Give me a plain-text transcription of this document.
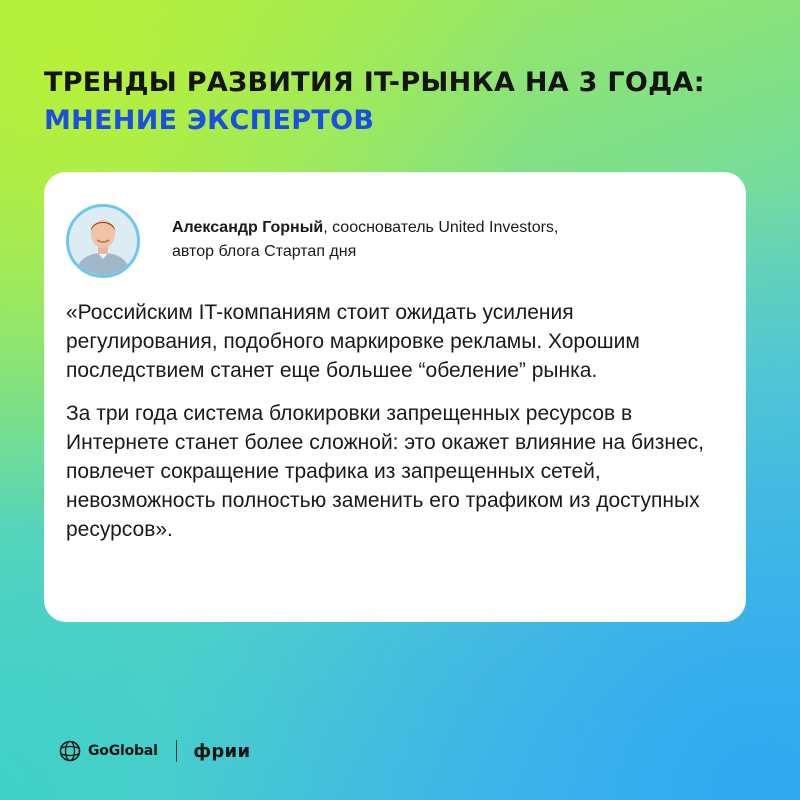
ТРЕНДЫ РАЗВИТИЯ IT-РЫНКА НА 3 ГОДА:
МНЕНИЕ ЭКСПЕРТОВ
Александр Горный, сооснователь United Investors,
автор блога Стартап дня

«Российским IT-компаниям стоит ожидать усиления регулирования, подобного маркировке рекламы. Хорошим последствием станет еще большее “обеление” рынка.

За три года система блокировки запрещенных ресурсов в Интернете станет более сложной: это окажет влияние на бизнес, повлечет сокращение трафика из запрещенных сетей, невозможность полностью заменить его трафиком из доступных ресурсов».

GoGlobal фрии
